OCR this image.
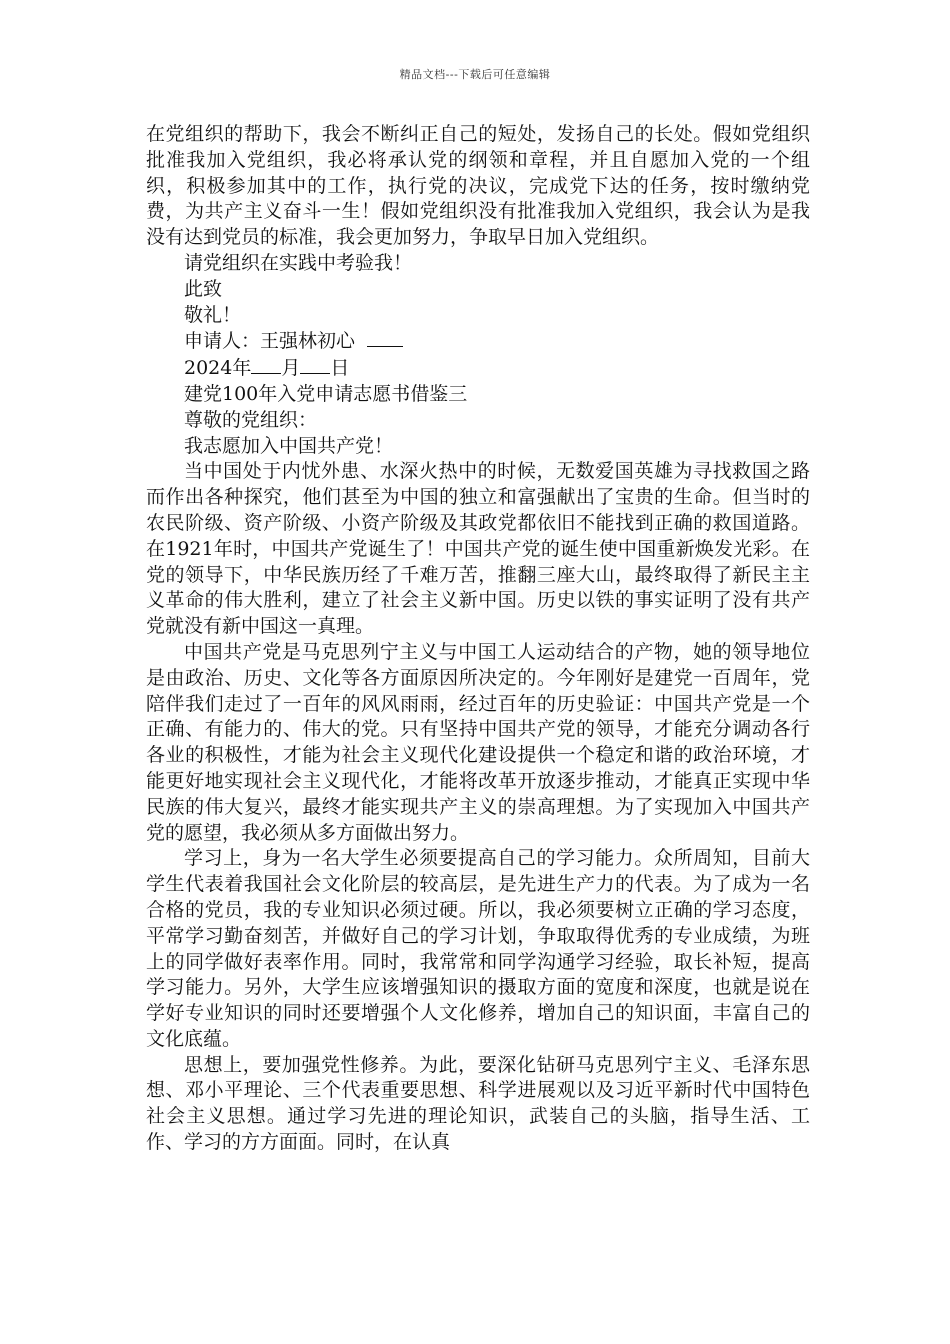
精品文档---下载后可任意编辑

在党组织的帮助下，我会不断纠正自己的短处，发扬自己的长处。假如党组织批准我加入党组织，我必将承认党的纲领和章程，并且自愿加入党的一个组织，积极参加其中的工作，执行党的决议，完成党下达的任务，按时缴纳党费，为共产主义奋斗一生！假如党组织没有批准我加入党组织，我会认为是我没有达到党员的标准，我会更加努力，争取早日加入党组织。

请党组织在实践中考验我！

此致

敬礼！

申请人：王强林初心

2024年 月 日

建党100年入党申请志愿书借鉴三

尊敬的党组织：

我志愿加入中国共产党！

当中国处于内忧外患、水深火热中的时候，无数爱国英雄为寻找救国之路而作出各种探究，他们甚至为中国的独立和富强献出了宝贵的生命。但当时的农民阶级、资产阶级、小资产阶级及其政党都依旧不能找到正确的救国道路。在1921年时，中国共产党诞生了！中国共产党的诞生使中国重新焕发光彩。在党的领导下，中华民族历经了千难万苦，推翻三座大山，最终取得了新民主主义革命的伟大胜利，建立了社会主义新中国。历史以铁的事实证明了没有共产党就没有新中国这一真理。

中国共产党是马克思列宁主义与中国工人运动结合的产物，她的领导地位是由政治、历史、文化等各方面原因所决定的。今年刚好是建党一百周年，党陪伴我们走过了一百年的风风雨雨，经过百年的历史验证：中国共产党是一个正确、有能力的、伟大的党。只有坚持中国共产党的领导，才能充分调动各行各业的积极性，才能为社会主义现代化建设提供一个稳定和谐的政治环境，才能更好地实现社会主义现代化，才能将改革开放逐步推动，才能真正实现中华民族的伟大复兴，最终才能实现共产主义的崇高理想。为了实现加入中国共产党的愿望，我必须从多方面做出努力。

学习上，身为一名大学生必须要提高自己的学习能力。众所周知，目前大学生代表着我国社会文化阶层的较高层，是先进生产力的代表。为了成为一名合格的党员，我的专业知识必须过硬。所以，我必须要树立正确的学习态度，平常学习勤奋刻苦，并做好自己的学习计划，争取取得优秀的专业成绩，为班上的同学做好表率作用。同时，我常常和同学沟通学习经验，取长补短，提高学习能力。另外，大学生应该增强知识的摄取方面的宽度和深度，也就是说在学好专业知识的同时还要增强个人文化修养，增加自己的知识面，丰富自己的文化底蕴。

思想上，要加强党性修养。为此，要深化钻研马克思列宁主义、毛泽东思想、邓小平理论、三个代表重要思想、科学进展观以及习近平新时代中国特色社会主义思想。通过学习先进的理论知识，武装自己的头脑，指导生活、工作、学习的方方面面。同时，在认真
